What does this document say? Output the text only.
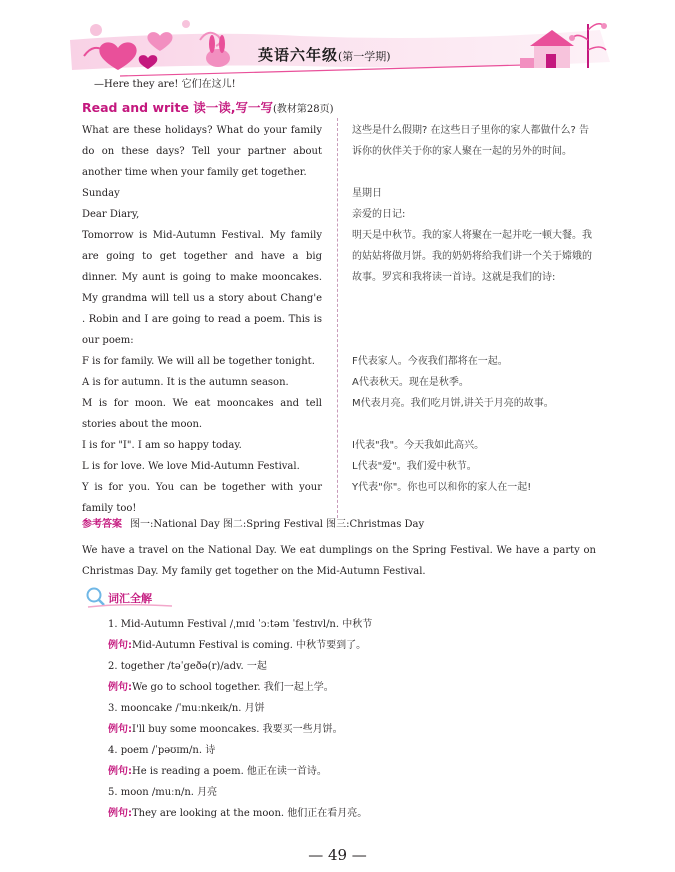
英语六年级(第一学期)
—Here they are! 它们在这儿!
Read and write 读一读,写一写(教材第28页)

What are these holidays? What do your family do on these days? Tell your partner about another time when your family get together.

Sunday

Dear Diary,

Tomorrow is Mid-Autumn Festival. My family are going to get together and have a big dinner. My aunt is going to make mooncakes. My grandma will tell us a story about Chang'e . Robin and I are going to read a poem. This is our poem:

F is for family. We will all be together tonight.

A is for autumn. It is the autumn season.

M is for moon. We eat mooncakes and tell stories about the moon.

I is for "I". I am so happy today.

L is for love. We love Mid-Autumn Festival.

Y is for you. You can be together with your family too!

这些是什么假期? 在这些日子里你的家人都做什么? 告诉你的伙伴关于你的家人聚在一起的另外的时间。

星期日

亲爱的日记:

明天是中秋节。我的家人将聚在一起并吃一顿大餐。我的姑姑将做月饼。我的奶奶将给我们讲一个关于嫦娥的故事。罗宾和我将读一首诗。这就是我们的诗:

F代表家人。今夜我们都将在一起。

A代表秋天。现在是秋季。

M代表月亮。我们吃月饼,讲关于月亮的故事。

I代表"我"。今天我如此高兴。

L代表"爱"。我们爱中秋节。

Y代表"你"。你也可以和你的家人在一起!

参考答案 图一:National Day 图二:Spring Festival 图三:Christmas Day
We have a travel on the National Day. We eat dumplings on the Spring Festival. We have a party on Christmas Day. My family get together on the Mid-Autumn Festival.
词汇全解

1. Mid-Autumn Festival /ˌmɪd ˈɔːtəm ˈfestɪvl/n. 中秋节

例句:Mid-Autumn Festival is coming. 中秋节要到了。

2. together /təˈgeðə(r)/adv. 一起

例句:We go to school together. 我们一起上学。

3. mooncake /ˈmuːnkeɪk/n. 月饼

例句:I'll buy some mooncakes. 我要买一些月饼。

4. poem /ˈpəʊɪm/n. 诗

例句:He is reading a poem. 他正在读一首诗。

5. moon /muːn/n. 月亮

例句:They are looking at the moon. 他们正在看月亮。

— 49 —
